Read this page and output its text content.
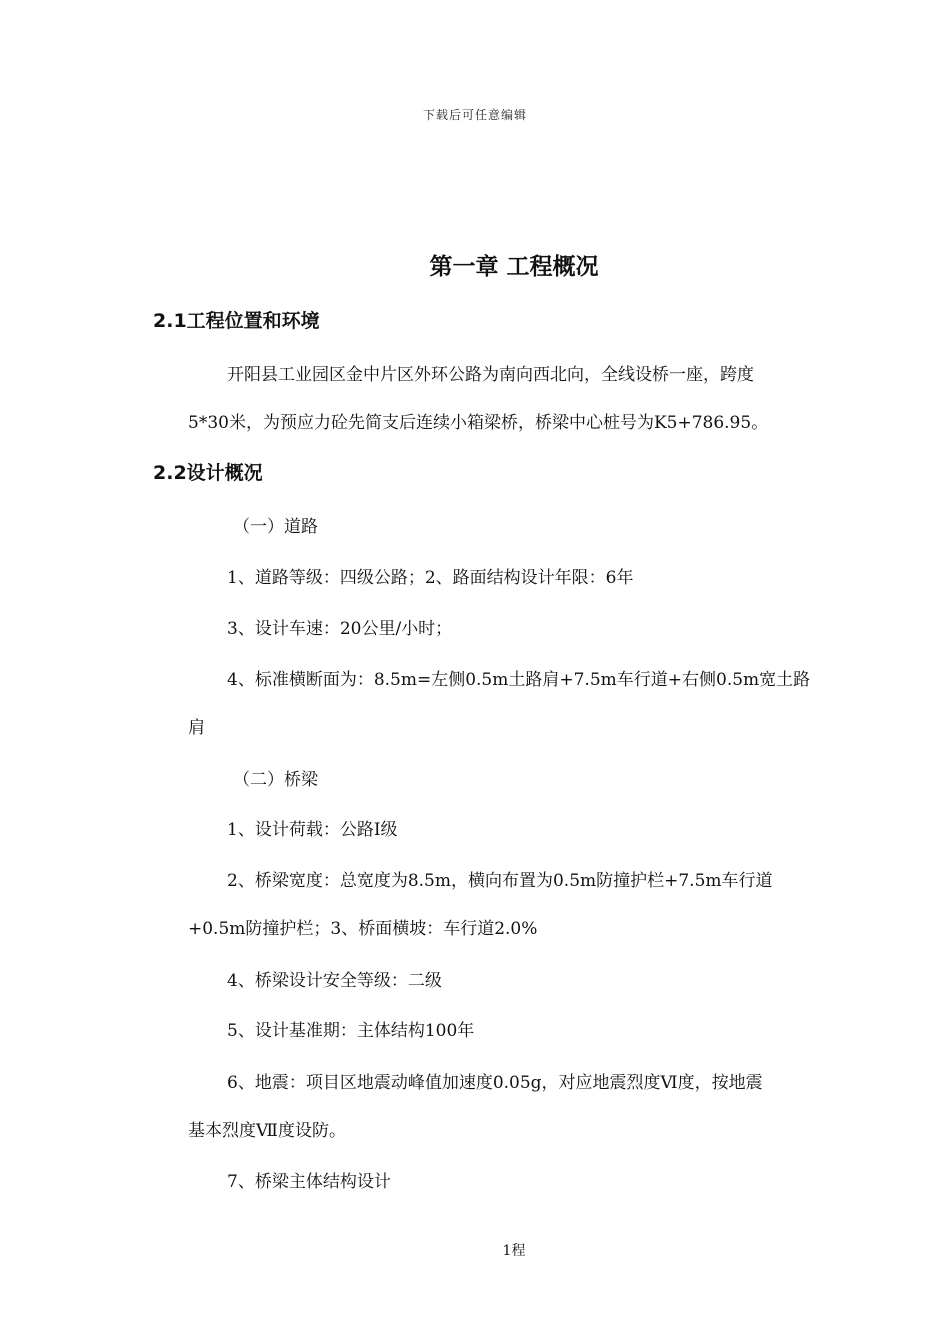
下载后可任意编辑
第一章 工程概况
2.1工程位置和环境

开阳县工业园区金中片区外环公路为南向西北向，全线设桥一座，跨度

5*30米，为预应力砼先简支后连续小箱梁桥，桥梁中心桩号为K5+786.95。

2.2设计概况

（一）道路

1、道路等级：四级公路；2、路面结构设计年限：6年

3、设计车速：20公里/小时；

4、标准横断面为：8.5m=左侧0.5m土路肩+7.5m车行道+右侧0.5m宽土路

肩

（二）桥梁

1、设计荷载：公路Ⅰ级

2、桥梁宽度：总宽度为8.5m，横向布置为0.5m防撞护栏+7.5m车行道

+0.5m防撞护栏；3、桥面横坡：车行道2.0%

4、桥梁设计安全等级：二级

5、设计基准期：主体结构100年

6、地震：项目区地震动峰值加速度0.05g，对应地震烈度Ⅵ度，按地震

基本烈度Ⅶ度设防。

7、桥梁主体结构设计

1程
